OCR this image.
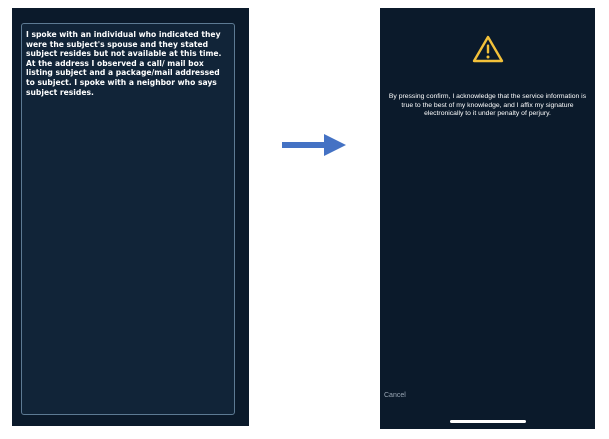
I spoke with an individual who indicated they were the subject's spouse and they stated subject resides but not available at this time. At the address I observed a call/ mail box listing subject and a package/mail addressed to subject. I spoke with a neighbor who says subject resides.	By pressing confirm, I acknowledge that the service information is true to the best of my knowledge, and I affix my signature electronically to it under penalty of perjury.

Cancel
